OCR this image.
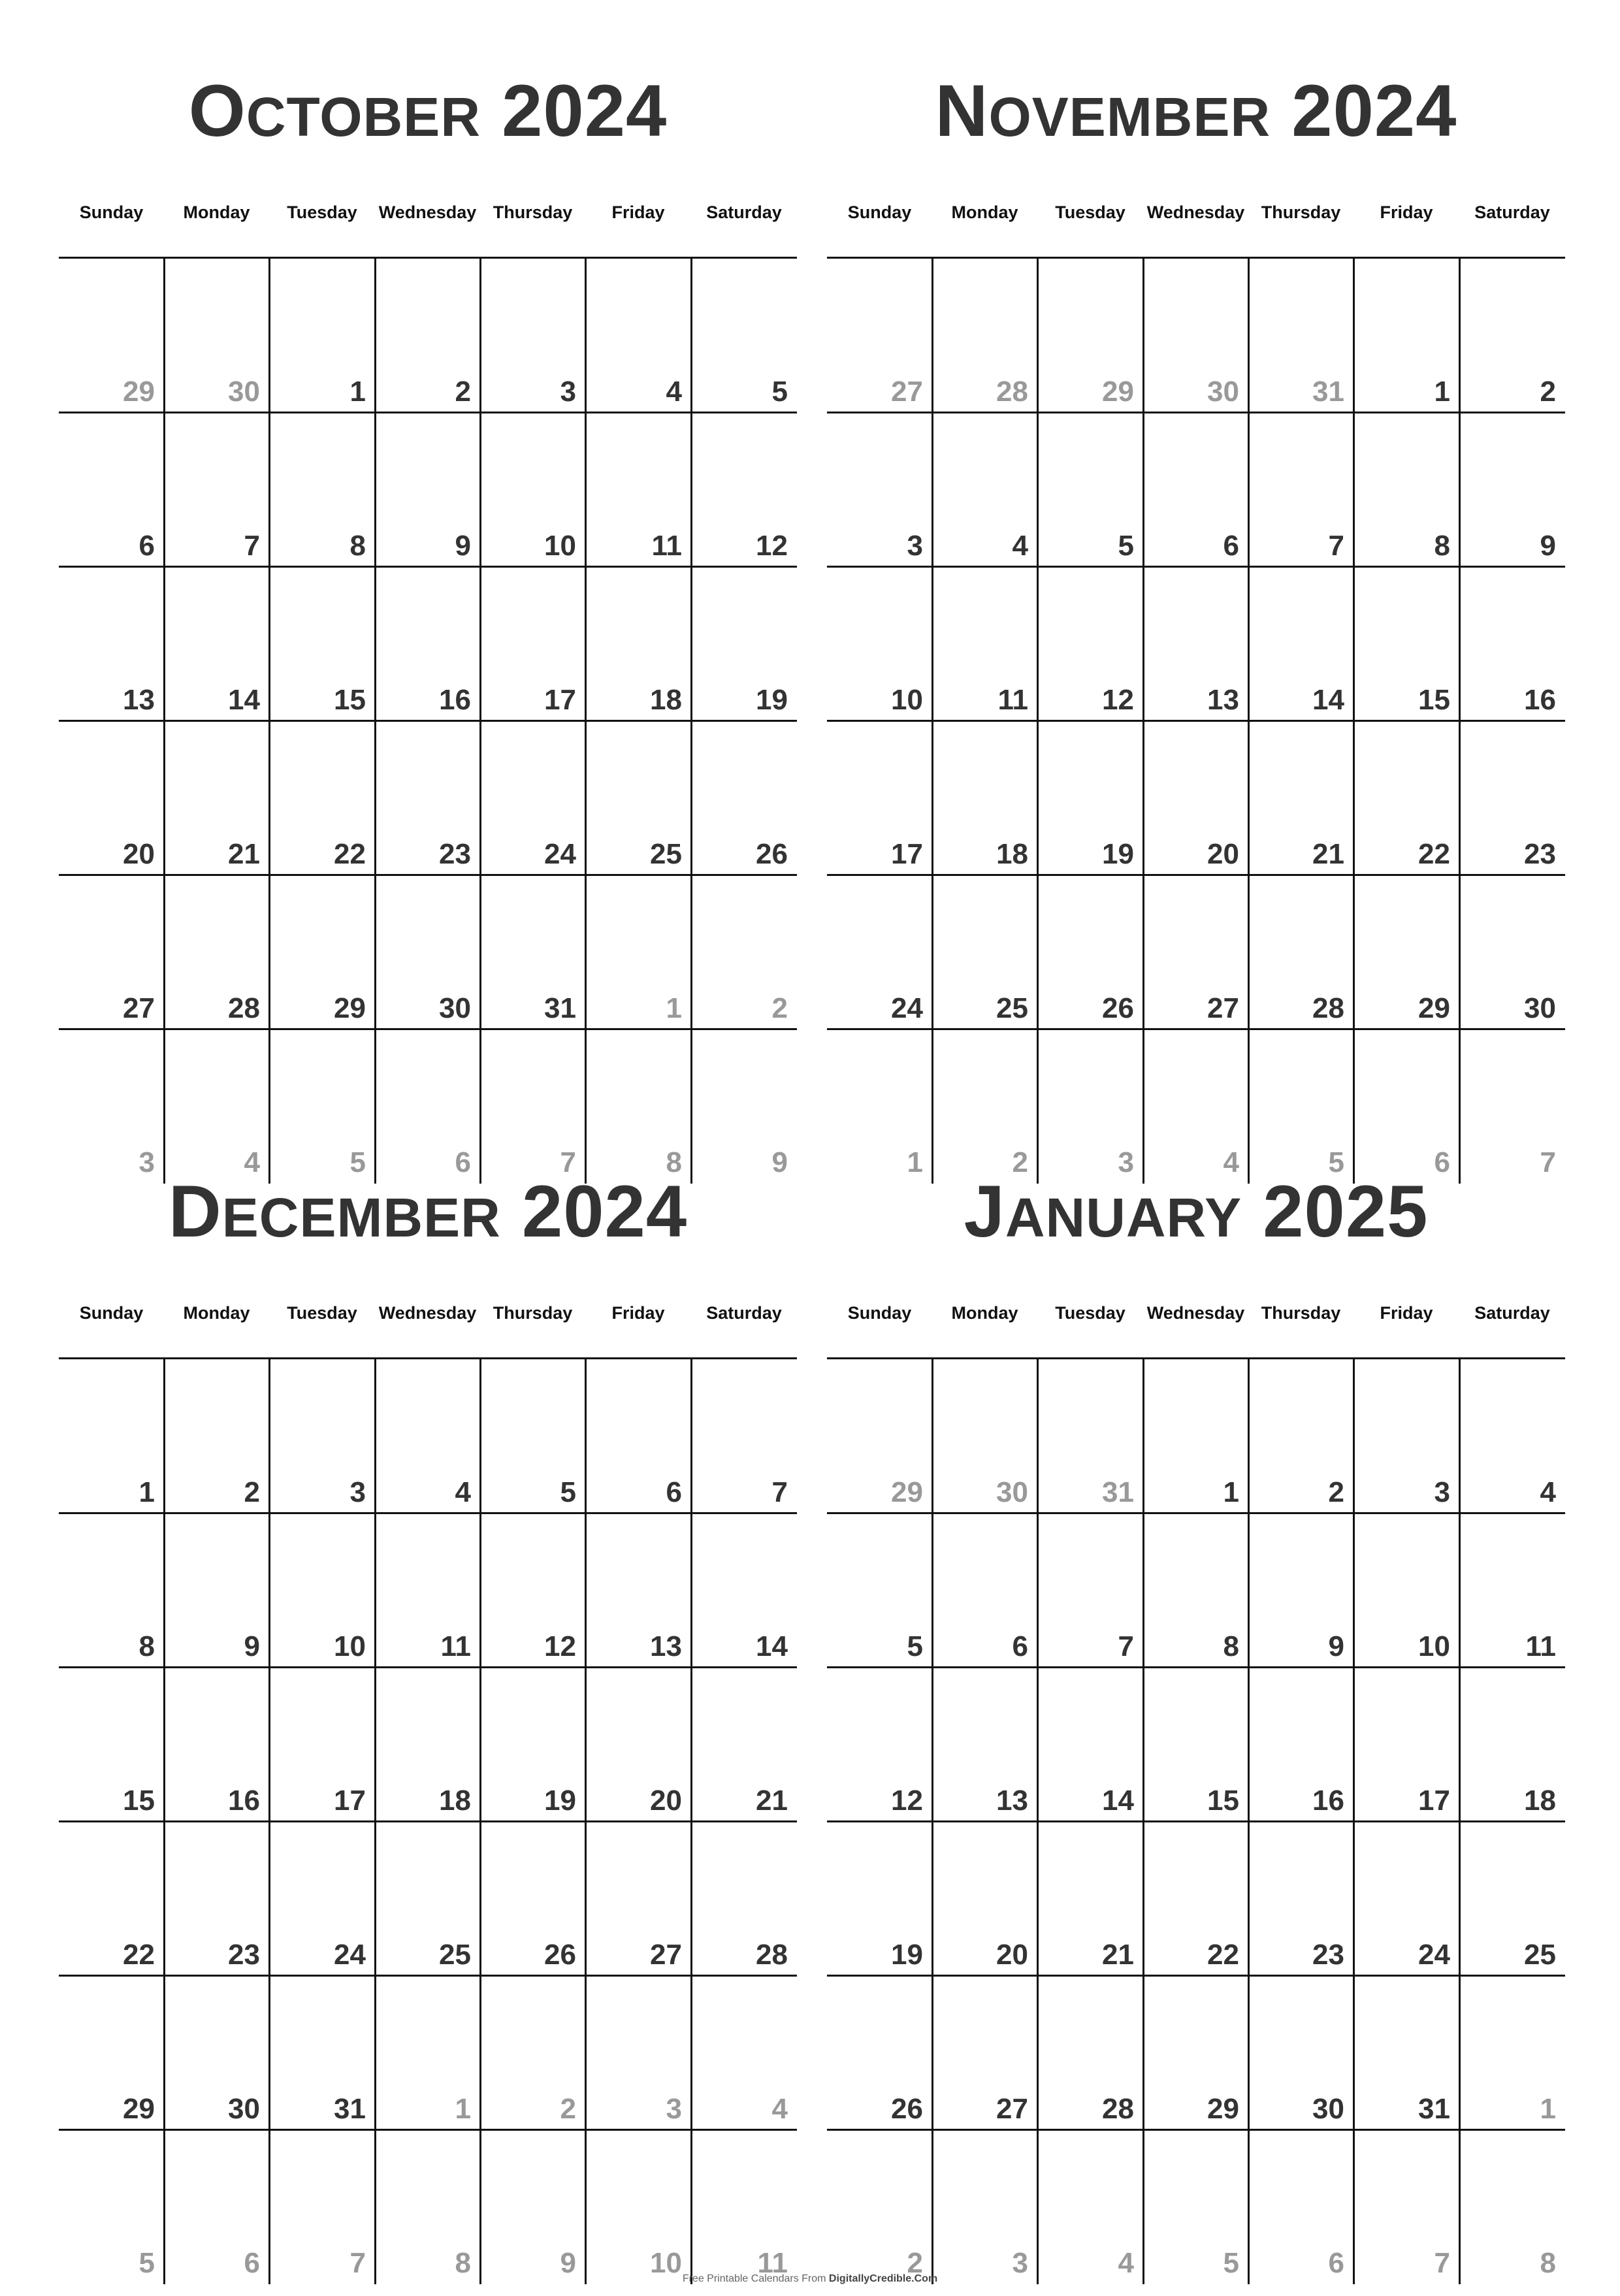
OCTOBER 2024
Sunday	Monday	Tuesday	Wednesday Thursday	Friday	Saturday
29	30	1	2	3	4	5
6	7	8	9	10	11	12
13	14	15	16	17	18	19
20	21	22	23	24	25	26
27	28	29	30	31	1	2
3	4	5	6	7	8	9
NOVEMBER 2024
Sunday	Monday	Tuesday	Wednesday Thursday	Friday	Saturday
27	28	29	30	31	1	2
3	4	5	6	7	8	9
10	11	12	13	14	15	16
17	18	19	20	21	22	23
24	25	26	27	28	29	30
1	2	3	4	5	6	7
DECEMBER 2024
Sunday	Monday	Tuesday	Wednesday Thursday	Friday	Saturday
1	2	3	4	5	6	7
8	9	10	11	12	13	14
15	16	17	18	19	20	21
22	23	24	25	26	27	28
29	30	31	1	2	3	4
5	6	7	8	9	10	11
JANUARY 2025
Sunday	Monday	Tuesday	Wednesday Thursday	Friday	Saturday
29	30	31	1	2	3	4
5	6	7	8	9	10	11
12	13	14	15	16	17	18
19	20	21	22	23	24	25
26	27	28	29	30	31	1
2	3	4	5	6	7	8
Free Printable Calendars From DigitallyCredible.Com
